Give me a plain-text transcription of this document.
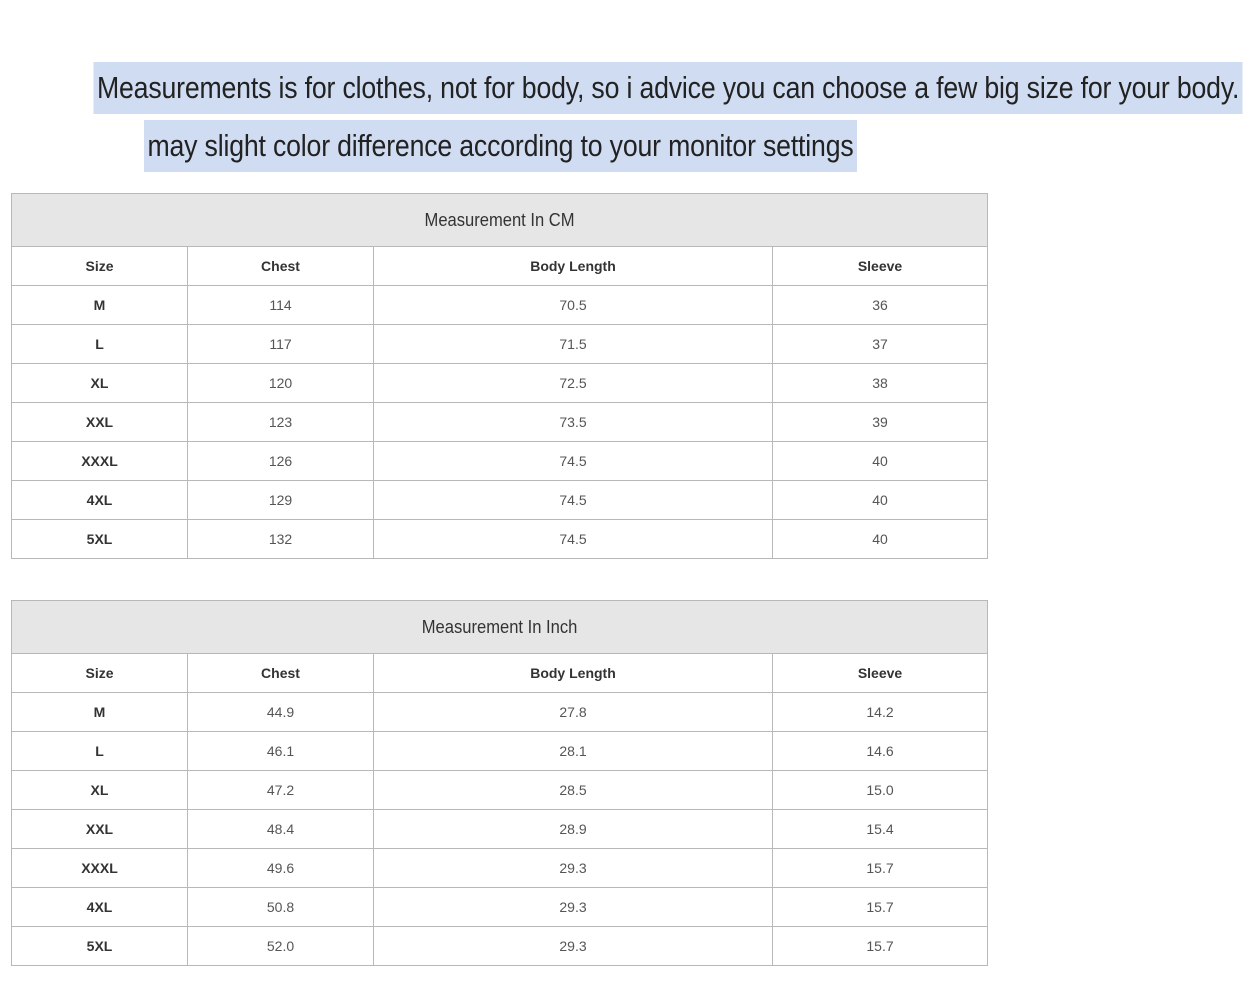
Measurements is for clothes, not for body, so i advice you can choose a few big size for your body.
may slight color difference according to your monitor settings
Measurement In CM			
Size	Chest	Body Length	Sleeve
M	114	70.5	36
L	117	71.5	37
XL	120	72.5	38
XXL	123	73.5	39
XXXL	126	74.5	40
4XL	129	74.5	40
5XL	132	74.5	40
Measurement In Inch			
Size	Chest	Body Length	Sleeve
M	44.9	27.8	14.2
L	46.1	28.1	14.6
XL	47.2	28.5	15.0
XXL	48.4	28.9	15.4
XXXL	49.6	29.3	15.7
4XL	50.8	29.3	15.7
5XL	52.0	29.3	15.7
